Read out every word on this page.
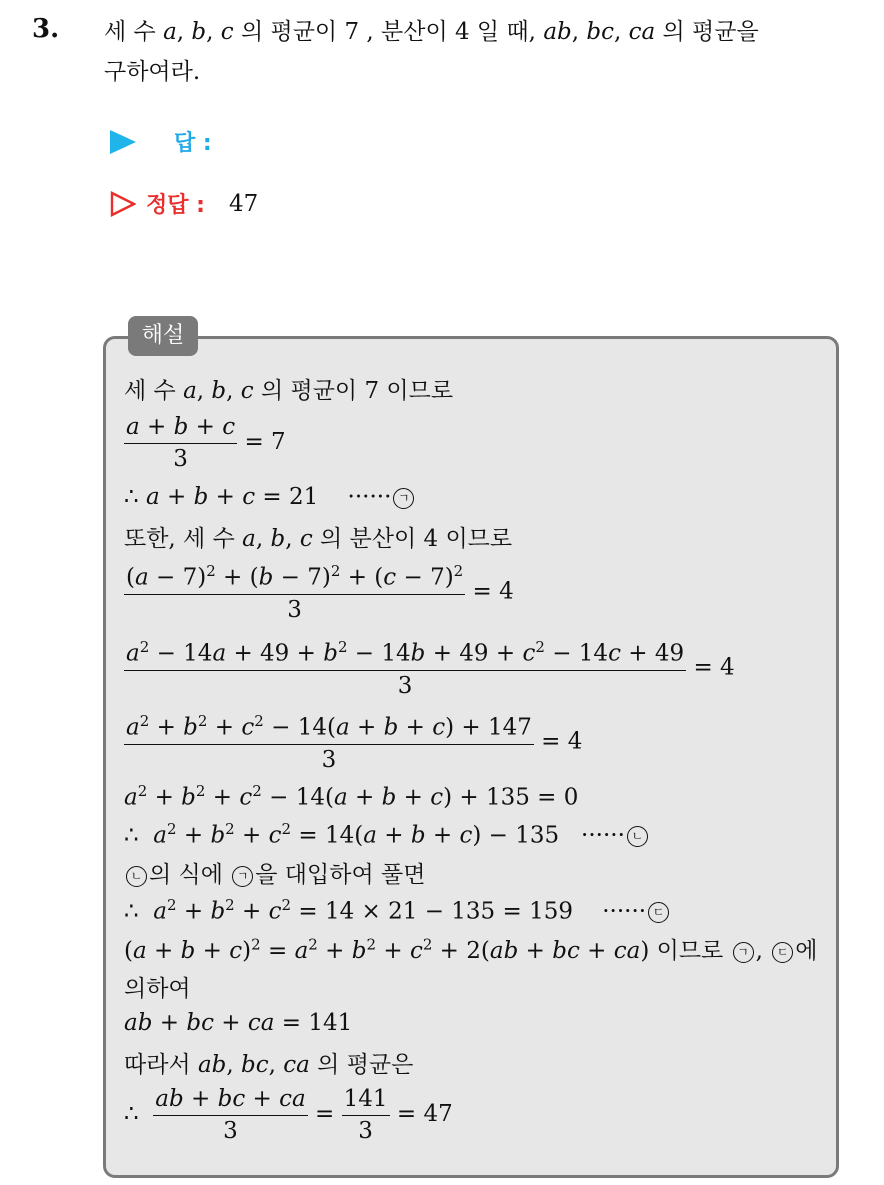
3. 세 수 a, b, c 의 평균이 7 , 분산이 4 일 때, ab, bc, ca 의 평균을
구하여라.
답 :
정답 : 47
해설
세 수 a, b, c 의 평균이 7 이므로
$\frac{a + b + c}{3} = 7$
∴ a + b + c = 21    ······ ㄱ
또한, 세 수 a, b, c 의 분산이 4 이므로
$\frac{(a - 7)^2 + (b - 7)^2 + (c - 7)^2}{3} = 4$
$\frac{a^2 - 14a + 49 + b^2 - 14b + 49 + c^2 - 14c + 49}{3} = 4$
$\frac{a^2 + b^2 + c^2 - 14(a + b + c) + 147}{3} = 4$
$a^2 + b^2 + c^2 - 14(a + b + c) + 135 = 0$
∴  $a^2 + b^2 + c^2 = 14(a + b + c) - 135$   ······ ㄴ
ㄴ 의 식에 ㄱ 을 대입하여 풀면
∴  $a^2 + b^2 + c^2 = 14 \times 21 - 135 = 159$    ······ ㄷ
$(a + b + c)^2 = a^2 + b^2 + c^2 + 2(ab$ + bc + ca) 이므로 ㄱ , ㄷ 에
의하여
ab + bc + ca = 141
따라서 ab, bc, ca 의 평균은
∴ $\frac{ab + bc + ca}{3} = \frac{141}{3} = 47$
